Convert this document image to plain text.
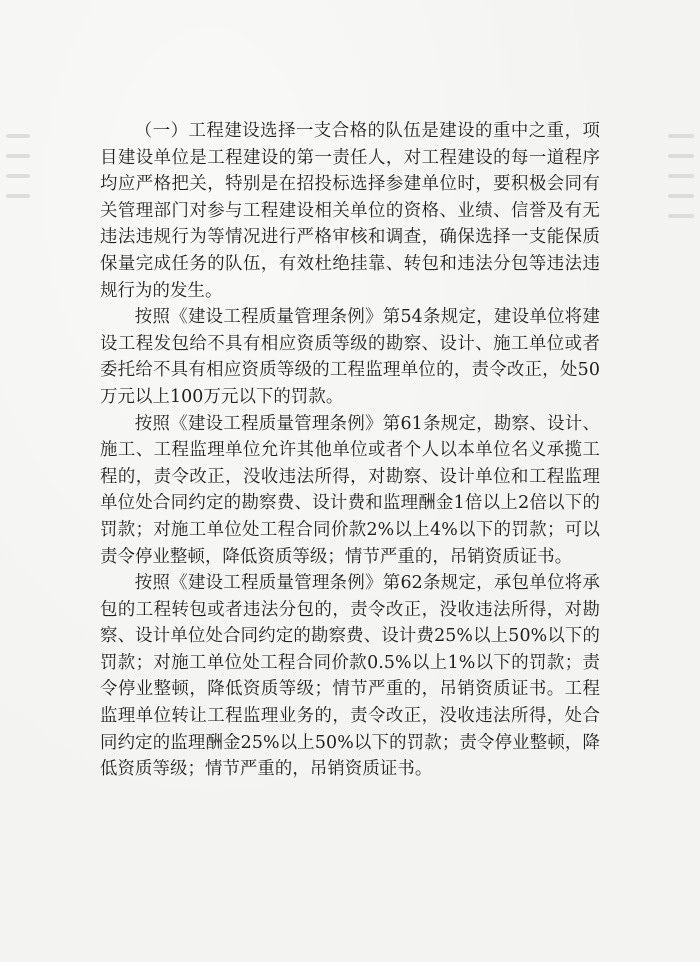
（一）工程建设选择一支合格的队伍是建设的重中之重，项目建设单位是工程建设的第一责任人，对工程建设的每一道程序均应严格把关，特别是在招投标选择参建单位时，要积极会同有关管理部门对参与工程建设相关单位的资格、业绩、信誉及有无违法违规行为等情况进行严格审核和调查，确保选择一支能保质保量完成任务的队伍，有效杜绝挂靠、转包和违法分包等违法违规行为的发生。

按照《建设工程质量管理条例》第54条规定，建设单位将建设工程发包给不具有相应资质等级的勘察、设计、施工单位或者委托给不具有相应资质等级的工程监理单位的，责令改正，处50万元以上100万元以下的罚款。

按照《建设工程质量管理条例》第61条规定，勘察、设计、施工、工程监理单位允许其他单位或者个人以本单位名义承揽工程的，责令改正，没收违法所得，对勘察、设计单位和工程监理单位处合同约定的勘察费、设计费和监理酬金1倍以上2倍以下的罚款；对施工单位处工程合同价款2%以上4%以下的罚款；可以责令停业整顿，降低资质等级；情节严重的，吊销资质证书。

按照《建设工程质量管理条例》第62条规定，承包单位将承包的工程转包或者违法分包的，责令改正，没收违法所得，对勘察、设计单位处合同约定的勘察费、设计费25%以上50%以下的罚款；对施工单位处工程合同价款0.5%以上1%以下的罚款；责令停业整顿，降低资质等级；情节严重的，吊销资质证书。工程监理单位转让工程监理业务的，责令改正，没收违法所得，处合同约定的监理酬金25%以上50%以下的罚款；责令停业整顿，降低资质等级；情节严重的，吊销资质证书。
